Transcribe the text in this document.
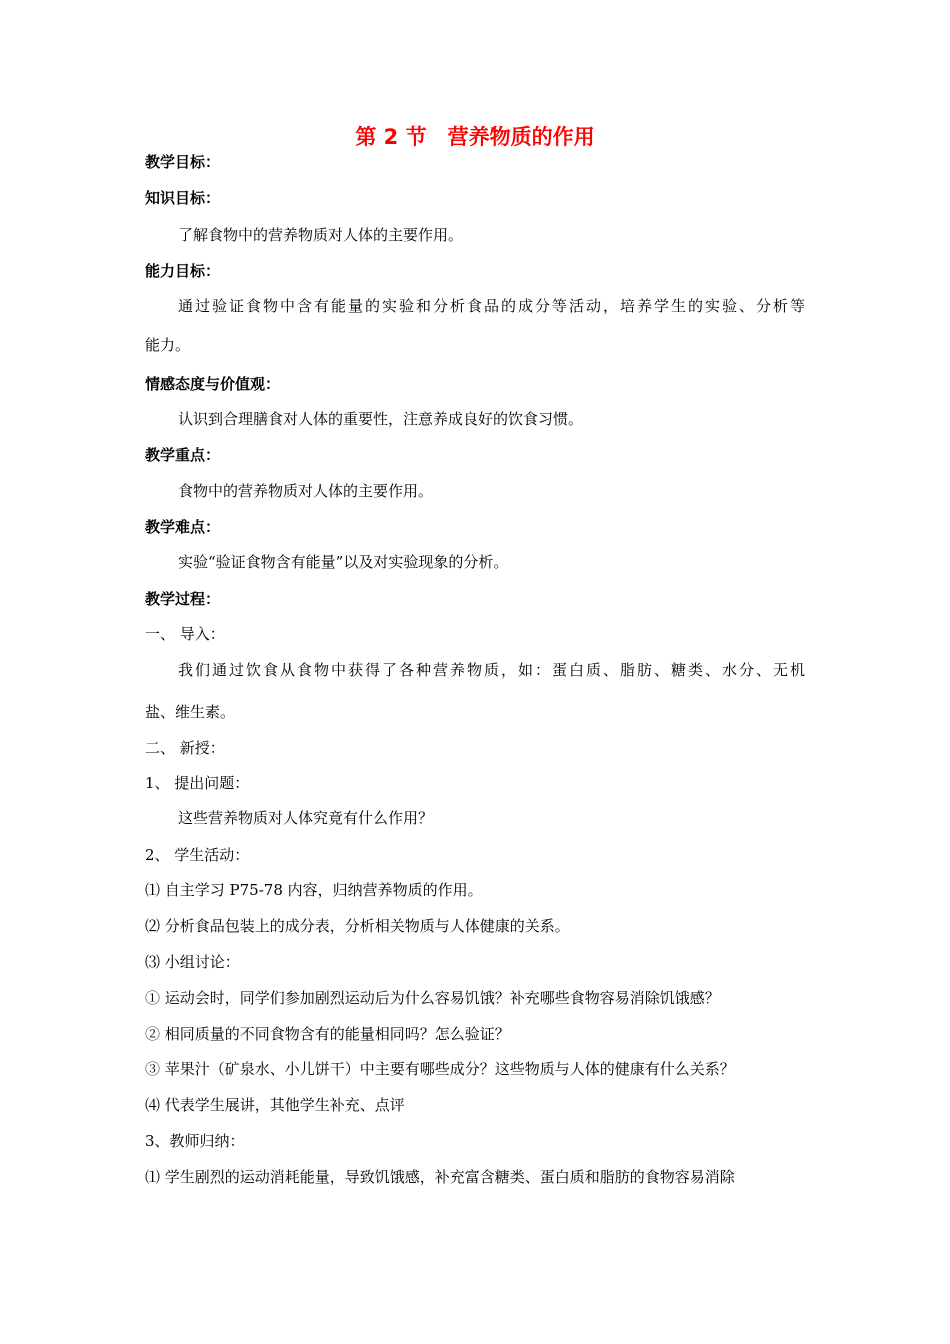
第 2 节　营养物质的作用
教学目标：
知识目标：
了解食物中的营养物质对人体的主要作用。
能力目标：
通过验证食物中含有能量的实验和分析食品的成分等活动，培养学生的实验、分析等
能力。
情感态度与价值观：
认识到合理膳食对人体的重要性，注意养成良好的饮食习惯。
教学重点：
食物中的营养物质对人体的主要作用。
教学难点：
实验“验证食物含有能量”以及对实验现象的分析。
教学过程：
一、 导入：
我们通过饮食从食物中获得了各种营养物质，如：蛋白质、脂肪、糖类、水分、无机
盐、维生素。
二、 新授：
1、 提出问题：
这些营养物质对人体究竟有什么作用？
2、 学生活动：
⑴ 自主学习 P75-78 内容，归纳营养物质的作用。
⑵ 分析食品包装上的成分表，分析相关物质与人体健康的关系。
⑶ 小组讨论：
① 运动会时，同学们参加剧烈运动后为什么容易饥饿？补充哪些食物容易消除饥饿感？
② 相同质量的不同食物含有的能量相同吗？怎么验证？
③ 苹果汁（矿泉水、小儿饼干）中主要有哪些成分？这些物质与人体的健康有什么关系？
⑷ 代表学生展讲，其他学生补充、点评
3、教师归纳：
⑴ 学生剧烈的运动消耗能量，导致饥饿感，补充富含糖类、蛋白质和脂肪的食物容易消除
